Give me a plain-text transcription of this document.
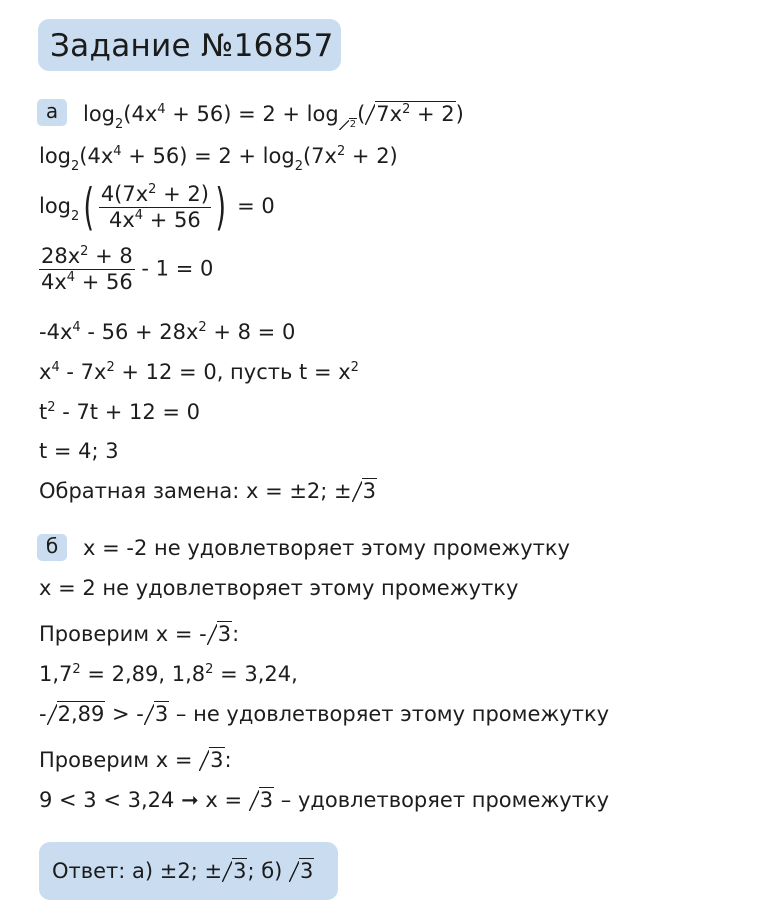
Задание №16857
а	$\log_2(4x^4 + 56) = 2 + \log _2$( $7x^2 + 2$)
$\log_2(4x^4 + 56) = 2 + \log_2(7x^2 + 2)$
$\log_2( \frac{4(7x^2 + 2)}{4x^4 + 56}$ ) = 0
$\frac{28x^2 + 8}{4x^4 + 56} - 1 = 0$
$-4x^4 - 56 + 28x^2 + 8 = 0$
$x^4 - 7x^2 + 12 = 0$, пусть $t = x^2$
$t^2 - 7t + 12 = 0$
t = 4; 3
Обратная замена: x = ±2; ± 3
б	x = -2 не удовлетворяет этому промежутку
x = 2 не удовлетворяет этому промежутку
Проверим x = - 3:
$1,7^2 = 2,89$, $1,8^2 = 3,24$,
- 2,89 > - 3 – не удовлетворяет этому промежутку
Проверим x = 3:
9 < 3 < 3,24 ➞ x = 3 – удовлетворяет промежутку
Ответ: а) ±2; ± 3; б) 3
